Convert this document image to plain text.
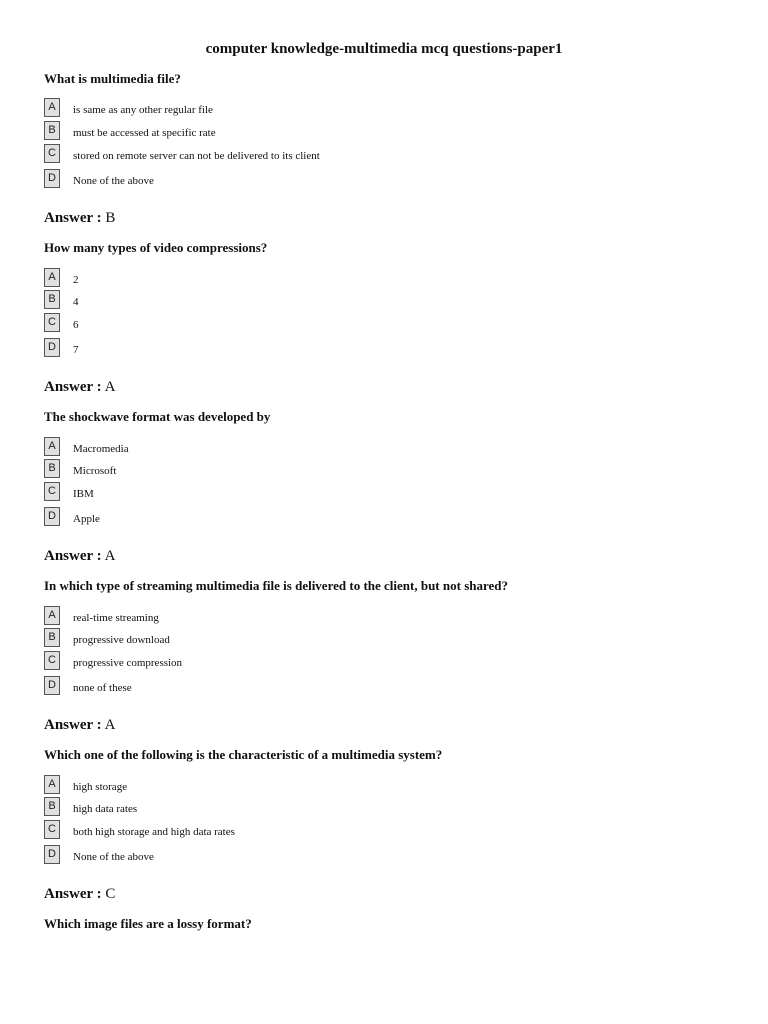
computer knowledge-multimedia mcq questions-paper1
What is multimedia file?
A	is same as any other regular file
B	must be accessed at specific rate
C	stored on remote server can not be delivered to its client
D	None of the above
Answer : B
How many types of video compressions?
A	2
B	4
C	6
D	7
Answer : A
The shockwave format was developed by
A	Macromedia
B	Microsoft
C	IBM
D	Apple
Answer : A
In which type of streaming multimedia file is delivered to the client, but not shared?
A	real-time streaming
B	progressive download
C	progressive compression
D	none of these
Answer : A
Which one of the following is the characteristic of a multimedia system?
A	high storage
B	high data rates
C	both high storage and high data rates
D	None of the above
Answer : C
Which image files are a lossy format?
